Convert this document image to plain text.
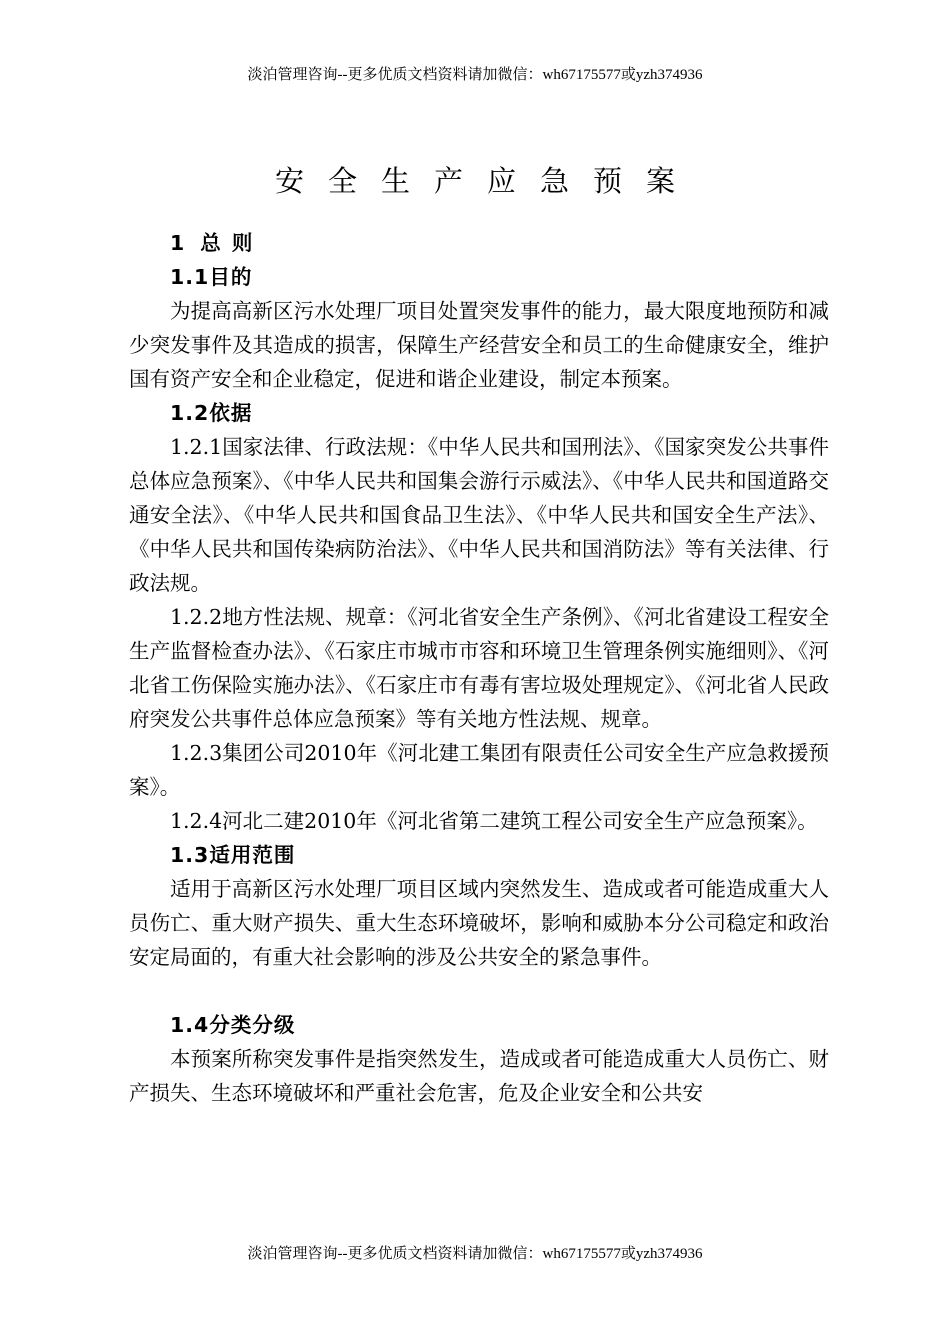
淡泊管理咨询--更多优质文档资料请加微信：wh67175577或yzh374936
安全生产应急预案

1 总 则

1.1目的

为提高高新区污水处理厂项目处置突发事件的能力，最大限度地预防和减少突发事件及其造成的损害，保障生产经营安全和员工的生命健康安全，维护国有资产安全和企业稳定，促进和谐企业建设，制定本预案。

1.2依据

1.2.1国家法律、行政法规：《中华人民共和国刑法》、《国家突发公共事件总体应急预案》、《中华人民共和国集会游行示威法》、《中华人民共和国道路交通安全法》、《中华人民共和国食品卫生法》、《中华人民共和国安全生产法》、《中华人民共和国传染病防治法》、《中华人民共和国消防法》等有关法律、行政法规。

1.2.2地方性法规、规章：《河北省安全生产条例》、《河北省建设工程安全生产监督检查办法》、《石家庄市城市市容和环境卫生管理条例实施细则》、《河北省工伤保险实施办法》、《石家庄市有毒有害垃圾处理规定》、《河北省人民政府突发公共事件总体应急预案》等有关地方性法规、规章。

1.2.3集团公司2010年《河北建工集团有限责任公司安全生产应急救援预案》。

1.2.4河北二建2010年《河北省第二建筑工程公司安全生产应急预案》。

1.3适用范围

适用于高新区污水处理厂项目区域内突然发生、造成或者可能造成重大人员伤亡、重大财产损失、重大生态环境破坏，影响和威胁本分公司稳定和政治安定局面的，有重大社会影响的涉及公共安全的紧急事件。

1.4分类分级

本预案所称突发事件是指突然发生，造成或者可能造成重大人员伤亡、财产损失、生态环境破坏和严重社会危害，危及企业安全和公共安

淡泊管理咨询--更多优质文档资料请加微信：wh67175577或yzh374936
